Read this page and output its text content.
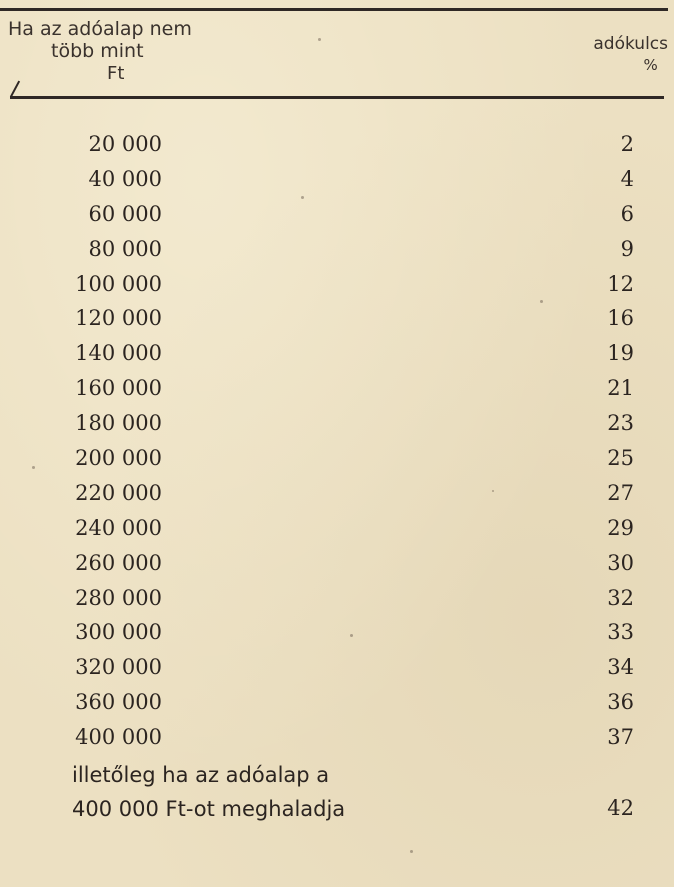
Ha az adóalap nem
több mint
Ft
adókulcs
%
20 000	2
40 000	4
60 000	6
80 000	9
100 000	12
120 000	16
140 000	19
160 000	21
180 000	23
200 000	25
220 000	27
240 000	29
260 000	30
280 000	32
300 000	33
320 000	34
360 000	36
400 000	37
illetőleg ha az adóalap a
400 000 Ft-ot meghaladja	42
